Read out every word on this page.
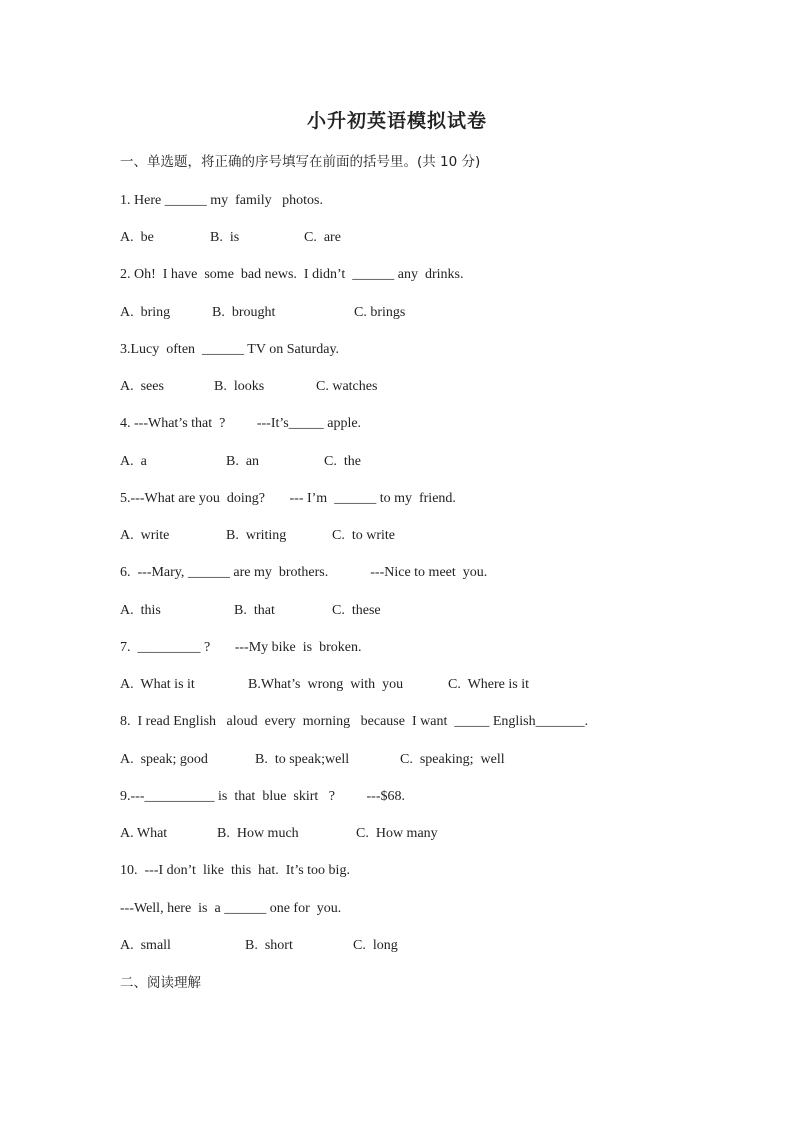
小升初英语模拟试卷
一、单选题，将正确的序号填写在前面的括号里。(共 10 分)
1. Here ______ my  family   photos.
A.  be	B.  is	C.  are
2. Oh!  I have  some  bad news.  I didn’t  ______ any  drinks.
A.  bring	B.  brought	C. brings
3.Lucy  often  ______ TV on Saturday.
A.  sees	B.  looks	C. watches
4. ---What’s that  ?         ---It’s_____ apple.
A.  a	B.  an	C.  the
5.---What are you  doing?       --- I’m  ______ to my  friend.
A.  write	B.  writing	C.  to write
6.  ---Mary, ______ are my  brothers.            ---Nice to meet  you.
A.  this	B.  that	C.  these
7.  _________ ?       ---My bike  is  broken.
A.  What is it	B.What’s  wrong  with  you	C.  Where is it
8.  I read English   aloud  every  morning   because  I want  _____ English_______.
A.  speak; good	B.  to speak;well	C.  speaking;  well
9.---__________ is  that  blue  skirt   ?         ---$68.
A. What	B.  How much	C.  How many
10.  ---I don’t  like  this  hat.  It’s too big.
---Well, here  is  a ______ one for  you.
A.  small	B.  short	C.  long
二、阅读理解
